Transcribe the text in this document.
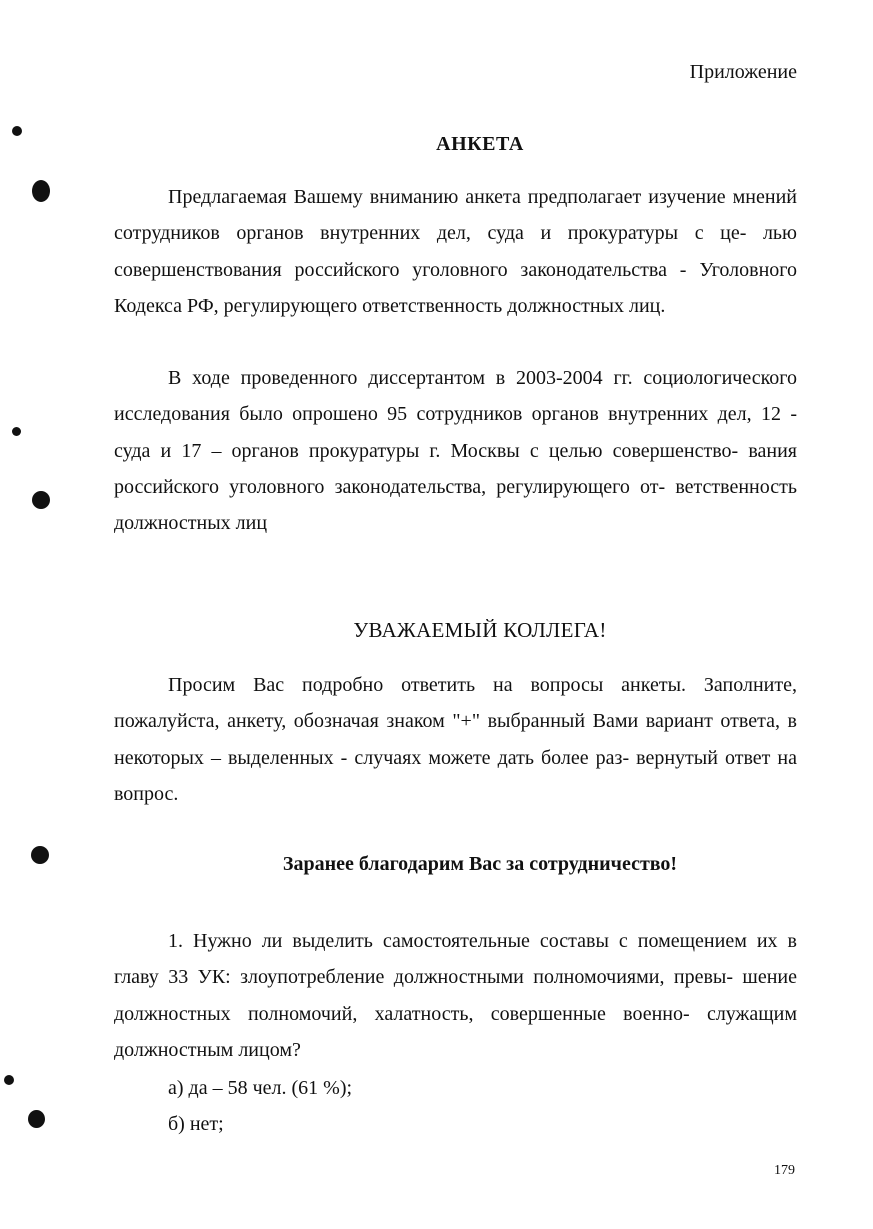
Приложение
АНКЕТА

Предлагаемая Вашему вниманию анкета предполагает изучение мнений сотрудников органов внутренних дел, суда и прокуратуры с це- лью совершенствования российского уголовного законодательства - Уголовного Кодекса РФ, регулирующего ответственность должностных лиц.

В ходе проведенного диссертантом в 2003-2004 гг. социологического исследования было опрошено 95 сотрудников органов внутренних дел, 12 - суда и 17 – органов прокуратуры г. Москвы с целью совершенство- вания российского уголовного законодательства, регулирующего от- ветственность должностных лиц

УВАЖАЕМЫЙ КОЛЛЕГА!

Просим Вас подробно ответить на вопросы анкеты. Заполните, пожалуйста, анкету, обозначая знаком "+" выбранный Вами вариант ответа, в некоторых – выделенных - случаях можете дать более раз- вернутый ответ на вопрос.

Заранее благодарим Вас за сотрудничество!

1. Нужно ли выделить самостоятельные составы с помещением их в главу 33 УК: злоупотребление должностными полномочиями, превы- шение должностных полномочий, халатность, совершенные военно- служащим должностным лицом?

а) да – 58 чел. (61 %);
б) нет;
179
